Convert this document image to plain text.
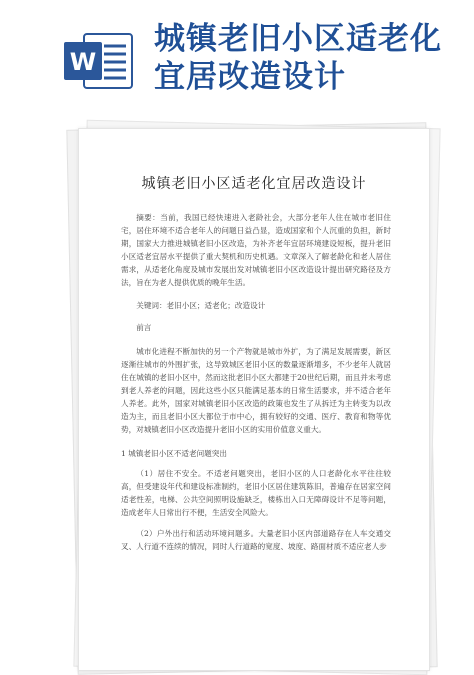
W
城镇老旧小区适老化宜居改造设计
城镇老旧小区适老化宜居改造设计
摘要：当前，我国已经快速进入老龄社会，大部分老年人住在城市老旧住宅，居住环境不适合老年人的问题日益凸显，造成国家和个人沉重的负担，新时期，国家大力推进城镇老旧小区改造，为补齐老年宜居环境建设短板，提升老旧小区适老宜居水平提供了重大契机和历史机遇。文章深入了解老龄化和老人居住需求，从适老化角度及城市发展出发对城镇老旧小区改造设计提出研究路径及方法，旨在为老人提供优质的晚年生活。
关键词：老旧小区；适老化；改造设计
前言
城市化进程不断加快的另一个产物就是城市外扩，为了满足发展需要，新区逐渐往城市的外围扩张，这导致城区老旧小区的数量逐渐增多，不少老年人就居住在城镇的老旧小区中，然而这批老旧小区大都建于20世纪后期，而且并未考虑到老人养老的问题，因此这些小区只能满足基本的日常生活要求，并不适合老年人养老。此外，国家对城镇老旧小区改造的政策也发生了从拆迁为主转变为以改造为主，而且老旧小区大都位于市中心，拥有较好的交通、医疗、教育和物等优势，对城镇老旧小区改造提升老旧小区的实用价值意义重大。
1 城镇老旧小区不适老问题突出
（1）居住不安全。不适老问题突出，老旧小区的人口老龄化水平往往较高，但受建设年代和建设标准制约，老旧小区居住建筑陈旧，普遍存在居家空间适老性差，电梯、公共空间照明设施缺乏，楼栋出入口无障碍设计不足等问题，造成老年人日常出行不便，生活安全风险大。
（2）户外出行和活动环境问题多。大量老旧小区内部道路存在人车交通交叉、人行道不连续的情况，同时人行道路的宽度、坡度、路面材质不适应老人步
